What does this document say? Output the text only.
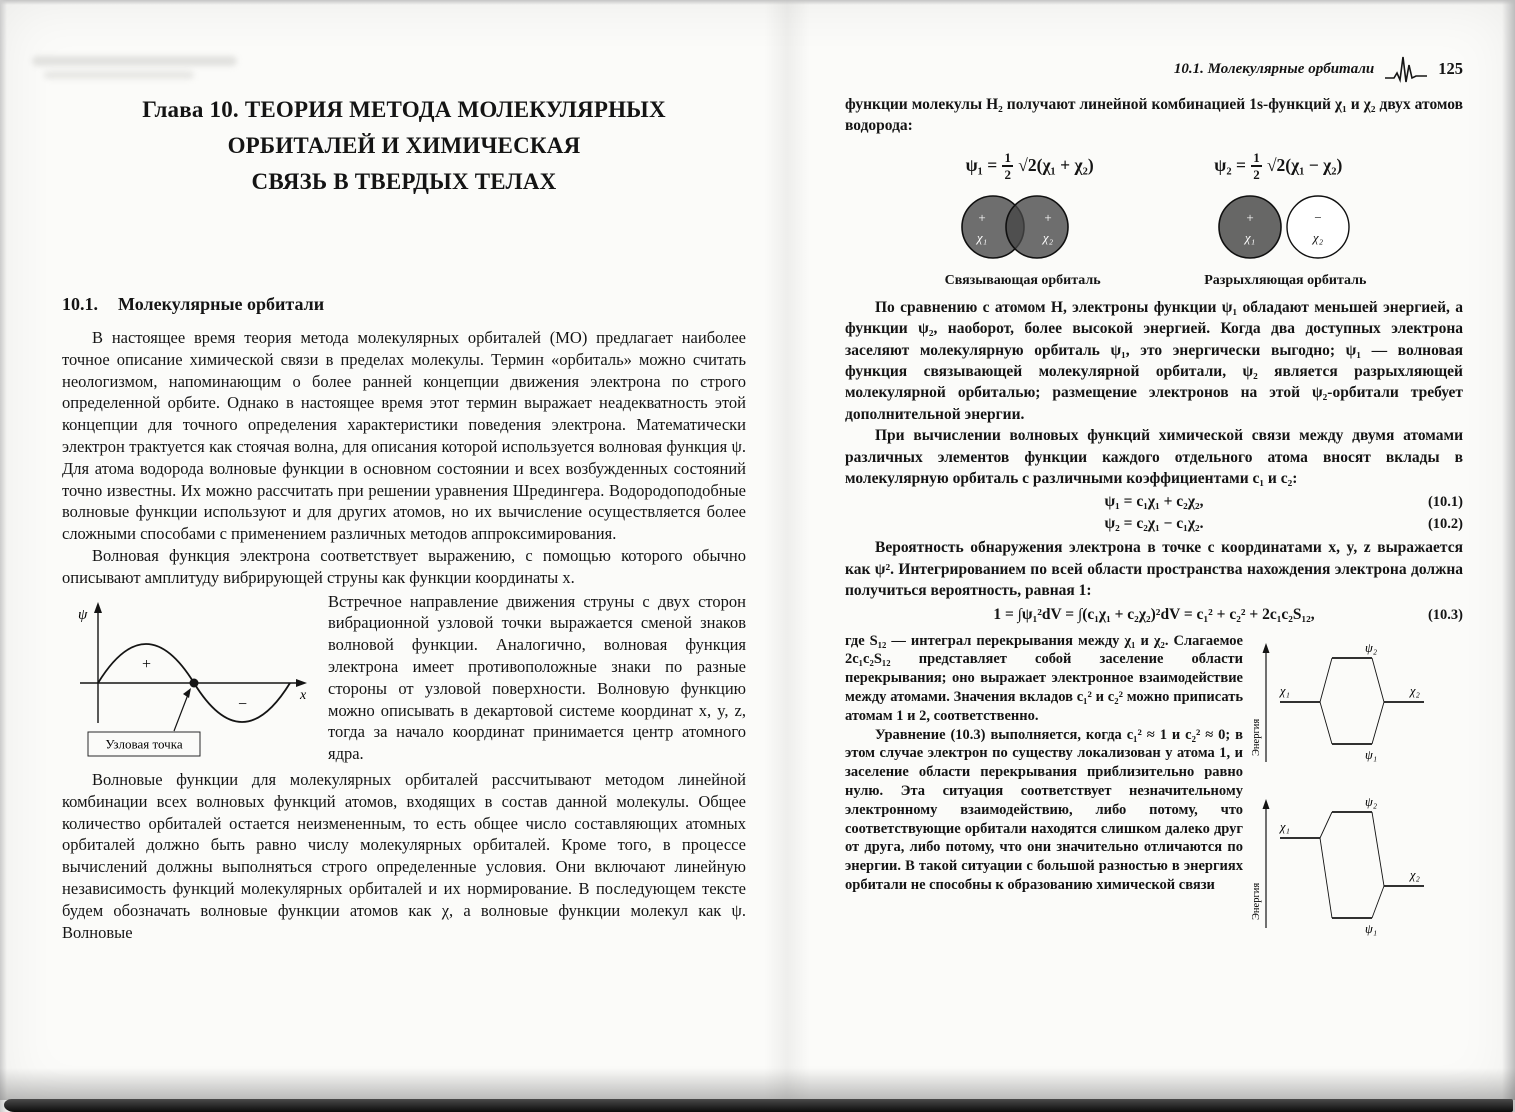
Глава 10. ТЕОРИЯ МЕТОДА МОЛЕКУЛЯРНЫХ
ОРБИТАЛЕЙ И ХИМИЧЕСКАЯ
СВЯЗЬ В ТВЕРДЫХ ТЕЛАХ
10.1. Молекулярные орбитали

В настоящее время теория метода молекулярных орбиталей (МО) предлагает наиболее точное описание химической связи в пределах молекулы. Термин «орбиталь» можно считать неологизмом, напоминающим о более ранней концепции движения электрона по строго определенной орбите. Однако в настоящее время этот термин выражает неадекватность этой концепции для точного определения характеристики поведения электрона. Математически электрон трактуется как стоячая волна, для описания которой используется волновая функция ψ. Для атома водорода волновые функции в основном состоянии и всех возбужденных состояний точно известны. Их можно рассчитать при решении уравнения Шредингера. Водородоподобные волновые функции используют и для других атомов, но их вычисление осуществляется более сложными способами с применением различных методов аппроксимирования.

Волновая функция электрона соответствует выражению, с помощью которого обычно описывают амплитуду вибрирующей струны как функции координаты x.

ψ
x
+
−
Узловая точка

Встречное направление движения струны с двух сторон вибрационной узловой точки выражается сменой знаков волновой функции. Аналогично, волновая функция электрона имеет противоположные знаки по разные стороны от узловой поверхности. Волновую функцию можно описывать в декартовой системе координат x, y, z, тогда за начало координат принимается центр атомного ядра.

Волновые функции для молекулярных орбиталей рассчитывают методом линейной комбинации всех волновых функций атомов, входящих в состав данной молекулы. Общее количество орбиталей остается неизмененным, то есть общее число составляющих атомных орбиталей должно быть равно числу молекулярных орбиталей. Кроме того, в процессе вычислений должны выполняться строго определенные условия. Они включают линейную независимость функций молекулярных орбиталей и их нормирование. В последующем тексте будем обозначать волновые функции атомов как χ, а волновые функции молекул как ψ. Волновые

10.1. Молекулярные орбитали	125

функции молекулы H₂ получают линейной комбинацией 1s-функций χ₁ и χ₂ двух атомов водорода:

$\psi_1 = \frac{1}{2} √2(\chi_1 + \chi_2)$	$\psi_2 = \frac{1}{2} √2(\chi_1 - \chi_2)$
+
χ₁
+
χ₂
Связывающая орбиталь
+
χ₁
−
χ₂
Разрыхляющая орбиталь

По сравнению с атомом Н, электроны функции ψ₁ обладают меньшей энергией, а функции ψ₂, наоборот, более высокой энергией. Когда два доступных электрона заселяют молекулярную орбиталь ψ₁, это энергически выгодно; ψ₁ — волновая функция связывающей молекулярной орбитали, ψ₂ является разрыхляющей молекулярной орбиталью; размещение электронов на этой ψ₂-орбитали требует дополнительной энергии.

При вычислении волновых функций химической связи между двумя атомами различных элементов функции каждого отдельного атома вносят вклады в молекулярную орбиталь с различными коэффициентами c₁ и c₂:

ψ₁ = c₁χ₁ + c₂χ₂,	(10.1)
ψ₂ = c₂χ₁ − c₁χ₂.	(10.2)

Вероятность обнаружения электрона в точке с координатами x, y, z выражается как ψ². Интегрированием по всей области пространства нахождения электрона должна получиться вероятность, равная 1:

1 = ∫ψ₁²dV = ∫(c₁χ₁ + c₂χ₂)²dV = c₁² + c₂² + 2c₁c₂S₁₂,	(10.3)

где S₁₂ — интеграл перекрывания между χ₁ и χ₂. Слагаемое 2c₁c₂S₁₂ представляет собой заселение области перекрывания; оно выражает электронное взаимодействие между атомами. Значения вкладов c₁² и c₂² можно приписать атомам 1 и 2, соответственно.

Уравнение (10.3) выполняется, когда c₁² ≈ 1 и c₂² ≈ 0; в этом случае электрон по существу локализован у атома 1, и заселение области перекрывания приблизительно равно нулю. Эта ситуация соответствует незначительному электронному взаимодействию, либо потому, что соответствующие орбитали находятся слишком далеко друг от друга, либо потому, что они значительно отличаются по энергии. В такой ситуации с большой разностью в энергиях орбитали не способны к образованию химической связи

Энергия
χ₁	χ₂
ψ₂
ψ₁
Энергия
χ₁
χ₂
ψ₂
ψ₁
